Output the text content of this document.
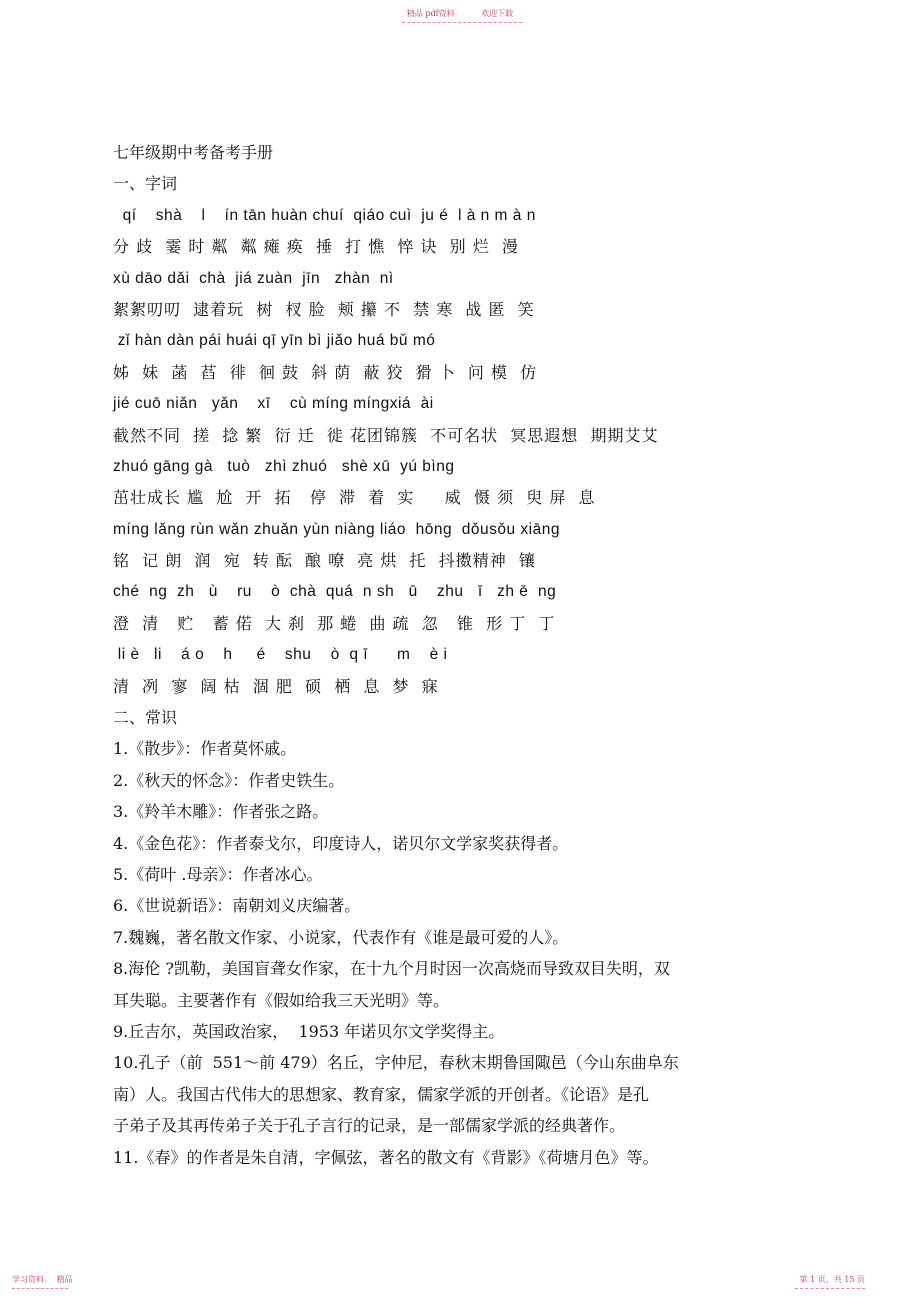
精品 pdf资料	欢迎下载
七年级期中考备考手册
一、字词
qí    shà    l    ín tān huàn chuí  qiáo cuì  ju é  l à n m à n
分 歧  霎 时 粼  粼 瘫 痪  捶  打 憔  悴 诀  别 烂  漫
xù dāo dǎi  chà  jiá zuàn  jīn   zhàn  nì
絮絮叨叨  逮着玩  树  杈 脸  颊 攥 不  禁 寒  战 匿  笑
zǐ hàn dàn pái huái qī yīn bì jiǎo huá bǔ mó
姊  妹  菡  萏  徘  徊 鼓  斜 荫  蔽 狡  猾 卜  问 模  仿
jié cuō niǎn   yǎn    xī    cù míng míngxiá  ài
截然不同  搓  捻 繁  衍 迁  徙 花团锦簇  不可名状  冥思遐想  期期艾艾
zhuó gāng gà   tuò   zhì zhuó   shè xū  yú bìng
茁壮成长 尴  尬  开  拓   停  滞  着  实     威  慑 须  臾 屏  息
míng lǎng rùn wǎn zhuǎn yùn niàng liáo  hōng  dǒusǒu xiāng
铭  记 朗  润  宛  转 酝  酿 嘹  亮 烘  托  抖擞精神  镶
ché  ng  zh   ù    ru    ò  chà  quá  n sh   ū    zhu   ī   zh ē  ng
澄  清   贮   蓄 偌  大 刹  那 蜷  曲 疏  忽   锥  形 丁  丁
li è   li    á o    h     é    shu    ò  q ī      m    è i
清  冽  寥  阔 枯  涸 肥  硕  栖  息  梦  寐
二、常识
1.《散步》：作者莫怀戚。
2.《秋天的怀念》：作者史铁生。
3.《羚羊木雕》：作者张之路。
4.《金色花》：作者泰戈尔，印度诗人，诺贝尔文学家奖获得者。
5.《荷叶 .母亲》：作者冰心。
6.《世说新语》：南朝刘义庆编著。
7.魏巍，著名散文作家、小说家，代表作有《谁是最可爱的人》。
8.海伦 ?凯勒，美国盲聋女作家，在十九个月时因一次高烧而导致双目失明，双
耳失聪。主要著作有《假如给我三天光明》等。
9.丘吉尔，英国政治家，  1953 年诺贝尔文学奖得主。
10.孔子（前  551～前 479）名丘，字仲尼，春秋末期鲁国陬邑（今山东曲阜东
南）人。我国古代伟大的思想家、教育家，儒家学派的开创者。《论语》是孔
子弟子及其再传弟子关于孔子言行的记录，是一部儒家学派的经典著作。
11.《春》的作者是朱自清，字佩弦，著名的散文有《背影》《荷塘月色》等。
学习资料 精品	第 1 页，共 15 页
